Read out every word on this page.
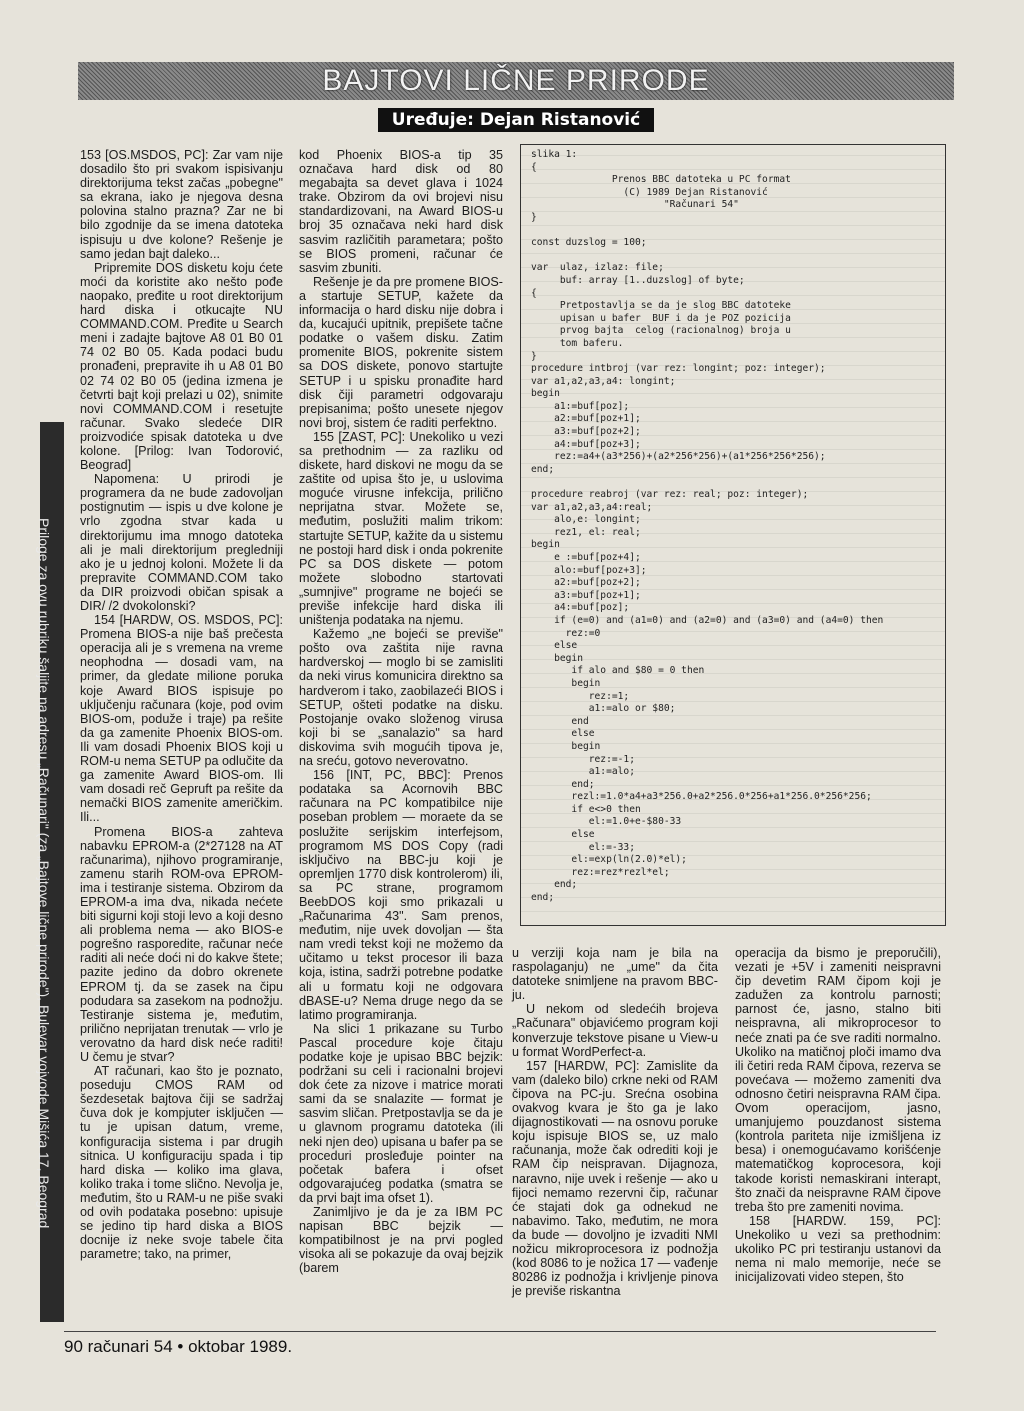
BAJTOVI LIČNE PRIRODE
Uređuje: Dejan Ristanović
Priloge za ovu rubriku šaljite na adresu „Računari" (za „Bajtove lične prirode"), Bulevar vojvode Mišića 17, Beograd

153 [OS.MSDOS, PC]: Zar vam nije dosadilo što pri svakom ispisivanju direktorijuma tekst začas „pobegne" sa ekrana, iako je njegova desna polovina stalno prazna? Zar ne bi bilo zgodnije da se imena datoteka ispisuju u dve kolone? Rešenje je samo jedan bajt daleko...

Pripremite DOS disketu koju ćete moći da koristite ako nešto pođe naopako, pređite u root direktorijum hard diska i otkucajte NU COMMAND.COM. Pređite u Search meni i zadajte bajtove A8 01 B0 01 74 02 B0 05. Kada podaci budu pronađeni, prepravite ih u A8 01 B0 02 74 02 B0 05 (jedina izmena je četvrti bajt koji prelazi u 02), snimite novi COMMAND.COM i resetujte računar. Svako sledeće DIR proizvodiće spisak datoteka u dve kolone. [Prilog: Ivan Todorović, Beograd]

Napomena: U prirodi je programera da ne bude zadovoljan postignutim — ispis u dve kolone je vrlo zgodna stvar kada u direktorijumu ima mnogo datoteka ali je mali direktorijum pregledniji ako je u jednoj koloni. Možete li da prepravite COMMAND.COM tako da DIR proizvodi običan spisak a DIR/ /2 dvokolonski?

154 [HARDW, OS. MSDOS, PC]: Promena BIOS-a nije baš prečesta operacija ali je s vremena na vreme neophodna — dosadi vam, na primer, da gledate milione poruka koje Award BIOS ispisuje po uključenju računara (koje, pod ovim BIOS-om, poduže i traje) pa rešite da ga zamenite Phoenix BIOS-om. Ili vam dosadi Phoenix BIOS koji u ROM-u nema SETUP pa odlučite da ga zamenite Award BIOS-om. Ili vam dosadi reč Gepruft pa rešite da nemački BIOS zamenite američkim. Ili...

Promena BIOS-a zahteva nabavku EPROM-a (2*27128 na AT računarima), njihovo programiranje, zamenu starih ROM-ova EPROM-ima i testiranje sistema. Obzirom da EPROM-a ima dva, nikada nećete biti sigurni koji stoji levo a koji desno ali problema nema — ako BIOS-e pogrešno rasporedite, računar neće raditi ali neće doći ni do kakve štete; pazite jedino da dobro okrenete EPROM tj. da se zasek na čipu podudara sa zasekom na podnožju. Testiranje sistema je, međutim, prilično neprijatan trenutak — vrlo je verovatno da hard disk neće raditi! U čemu je stvar?

AT računari, kao što je poznato, poseduju CMOS RAM od šezdesetak bajtova čiji se sadržaj čuva dok je kompjuter isključen — tu je upisan datum, vreme, konfiguracija sistema i par drugih sitnica. U konfiguraciju spada i tip hard diska — koliko ima glava, koliko traka i tome slično. Nevolja je, međutim, što u RAM-u ne piše svaki od ovih podataka posebno: upisuje se jedino tip hard diska a BIOS docnije iz neke svoje tabele čita parametre; tako, na primer,

kod Phoenix BIOS-a tip 35 označava hard disk od 80 megabajta sa devet glava i 1024 trake. Obzirom da ovi brojevi nisu standardizovani, na Award BIOS-u broj 35 označava neki hard disk sasvim različitih parametara; pošto se BIOS promeni, računar će sasvim zbuniti.

Rešenje je da pre promene BIOS-a startuje SETUP, kažete da informacija o hard disku nije dobra i da, kucajući upitnik, prepišete tačne podatke o vašem disku. Zatim promenite BIOS, pokrenite sistem sa DOS diskete, ponovo startujte SETUP i u spisku pronađite hard disk čiji parametri odgovaraju prepisanima; pošto unesete njegov novi broj, sistem će raditi perfektno.

155 [ZAST, PC]: Unekoliko u vezi sa prethodnim — za razliku od diskete, hard diskovi ne mogu da se zaštite od upisa što je, u uslovima moguće virusne infekcija, prilično neprijatna stvar. Možete se, međutim, poslužiti malim trikom: startujte SETUP, kažite da u sistemu ne postoji hard disk i onda pokrenite PC sa DOS diskete — potom možete slobodno startovati „sumnjive" programe ne bojeći se previše infekcije hard diska ili uništenja podataka na njemu.

Kažemo „ne bojeći se previše" pošto ova zaštita nije ravna hardverskoj — moglo bi se zamisliti da neki virus komunicira direktno sa hardverom i tako, zaobilazeći BIOS i SETUP, ošteti podatke na disku. Postojanje ovako složenog virusa koji bi se „sanalazio" sa hard diskovima svih mogućih tipova je, na sreću, gotovo neverovatno.

156 [INT, PC, BBC]: Prenos podataka sa Acornovih BBC računara na PC kompatibilce nije poseban problem — moraete da se poslužite serijskim interfejsom, programom MS DOS Copy (radi isključivo na BBC-ju koji je opremljen 1770 disk kontrolerom) ili, sa PC strane, programom BeebDOS koji smo prikazali u „Računarima 43". Sam prenos, međutim, nije uvek dovoljan — šta nam vredi tekst koji ne možemo da učitamo u tekst procesor ili baza kojа, istina, sadrži potrebne podatke ali u formatu koji ne odgovara dBASE-u? Nema druge nego da se latimo programiranja.

Na slici 1 prikazane su Turbo Pascal procedure koje čitaju podatke koje je upisao BBC bejzik: podržani su celi i racionalni brojevi dok ćete za nizove i matrice morati sami da se snalazite — format je sasvim sličan. Pretpostavlja se da je u glavnom programu datoteka (ili neki njen deo) upisana u bafer pa se proceduri prosleđuje pointer na početak bafera i ofset odgovarajućeg podatka (smatra se da prvi bajt ima ofset 1).

Zanimljivo je da je za IBM PC napisan BBC bejzik — kompatibilnost je na prvi pogled visoka ali se pokazuje da ovaj bejzik (barem

slika 1:
{
Prenos BBC datoteka u PC format
(C) 1989 Dejan Ristanović
"Računari 54"
}

const duzslog = 100;

var  ulaz, izlaz: file;
buf: array [1..duzslog] of byte;
{
Pretpostavlja se da je slog BBC datoteke
upisan u bafer  BUF i da je POZ pozicija
prvog bajta  celog (racionalnog) broja u
tom baferu.
}
procedure intbroj (var rez: longint; poz: integer);
var a1,a2,a3,a4: longint;
begin
a1:=buf[poz];
a2:=buf[poz+1];
a3:=buf[poz+2];
a4:=buf[poz+3];
rez:=a4+(a3*256)+(a2*256*256)+(a1*256*256*256);
end;

procedure reabroj (var rez: real; poz: integer);
var a1,a2,a3,a4:real;
alo,e: longint;
rez1, el: real;
begin
e :=buf[poz+4];
alo:=buf[poz+3];
a2:=buf[poz+2];
a3:=buf[poz+1];
a4:=buf[poz];
if (e=0) and (a1=0) and (a2=0) and (a3=0) and (a4=0) then
rez:=0
else
begin
if alo and $80 = 0 then
begin
rez:=1;
a1:=alo or $80;
end
else
begin
rez:=-1;
a1:=alo;
end;
rezl:=1.0*a4+a3*256.0+a2*256.0*256+a1*256.0*256*256;
if e<>0 then
el:=1.0+e-$80-33
else
el:=-33;
el:=exp(ln(2.0)*el);
rez:=rez*rezl*el;
end;
end;

u verziji koja nam je bila na raspolaganju) ne „ume" da čita datoteke snimljene na pravom BBC-ju.

U nekom od sledećih brojeva „Računara" objavićemo program koji konverzuje tekstove pisane u View-u u format WordPerfect-a.

157 [HARDW, PC]: Zamislite da vam (daleko bilo) crkne neki od RAM čipova na PC-ju. Srećna osobina ovakvog kvara je što ga je lako dijagnostikovati — na osnovu poruke koju ispisuje BIOS se, uz malo računanja, može čak odrediti koji je RAM čip neispravan. Dijagnoza, naravno, nije uvek i rešenje — ako u fijoci nemamo rezervni čip, računar će stajati dok ga odnekud ne nabavimo. Tako, međutim, ne mora da bude — dovoljno je izvaditi NMI nožicu mikroprocesora iz podnožja (kod 8086 to je nožica 17 — vađenje 80286 iz podnožja i krivljenje pinova je previše riskantna

operacija da bismo je preporučili), vezati je +5V i zameniti neispravni čip devetim RAM čipom koji je zadužen za kontrolu parnosti; parnost će, jasno, stalno biti neispravna, ali mikroprocesor to neće znati pa će sve raditi normalno. Ukoliko na matičnoj ploči imamo dva ili četiri reda RAM čipova, rezerva se povećava — možemo zameniti dva odnosno četiri neispravna RAM čipa. Ovom operacijom, jasno, umanjujemo pouzdanost sistema (kontrola pariteta nije izmišljena iz besa) i onemogućavamo korišćenje matematičkog koprocesora, koji takode koristi nemaskirani interapt, što znači da neispravne RAM čipove treba što pre zameniti novima.

158 [HARDW. 159, PC]: Unekoliko u vezi sa prethodnim: ukoliko PC pri testiranju ustanovi da nema ni malo memorije, neće se inicijalizovati video stepen, što

90 računari 54 • oktobar 1989.
